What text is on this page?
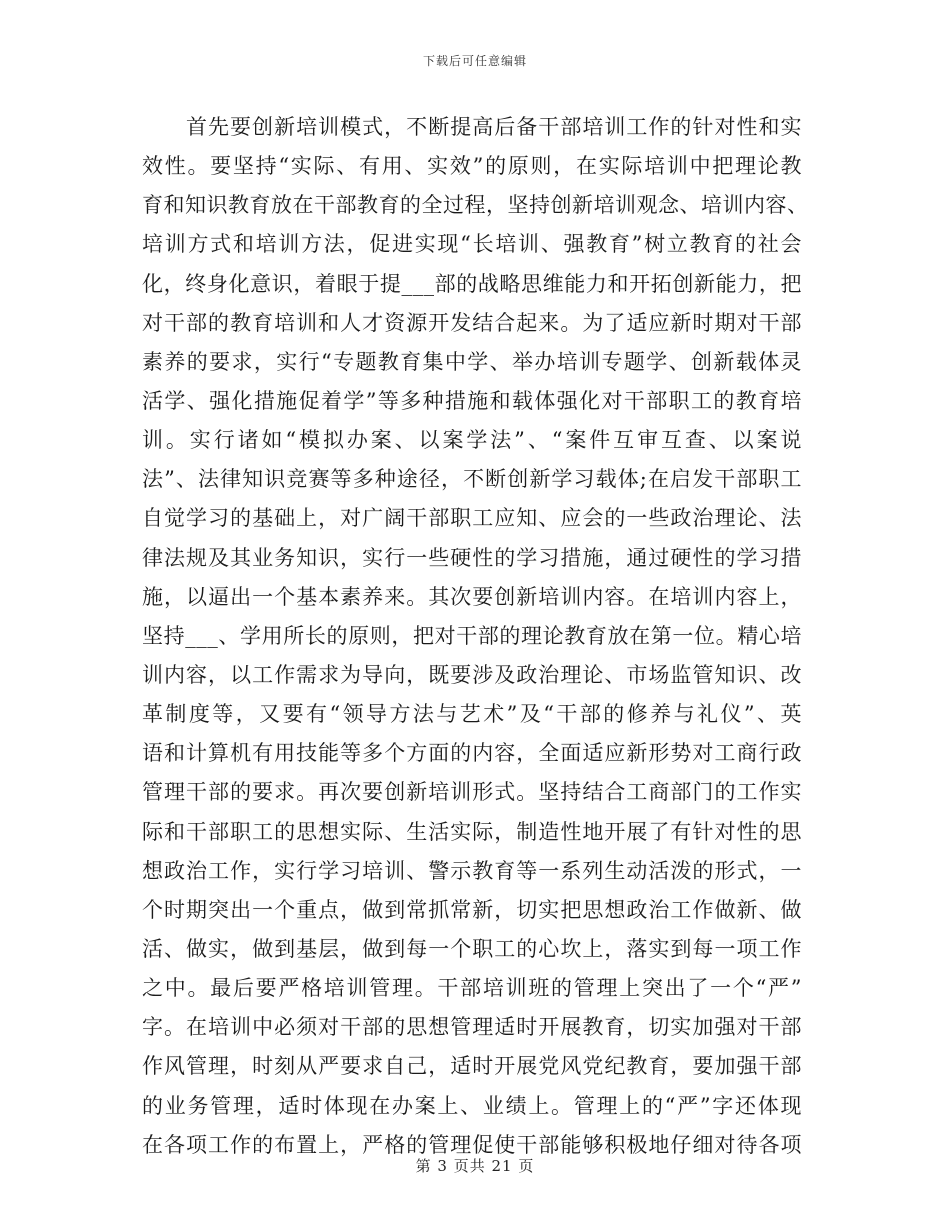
下载后可任意编辑
首先要创新培训模式，不断提高后备干部培训工作的针对性和实
效性。要坚持“实际、有用、实效”的原则，在实际培训中把理论教
育和知识教育放在干部教育的全过程，坚持创新培训观念、培训内容、
培训方式和培训方法，促进实现“长培训、强教育”树立教育的社会
化，终身化意识，着眼于提___部的战略思维能力和开拓创新能力，把
对干部的教育培训和人才资源开发结合起来。为了适应新时期对干部
素养的要求，实行“专题教育集中学、举办培训专题学、创新载体灵
活学、强化措施促着学”等多种措施和载体强化对干部职工的教育培
训。实行诸如“模拟办案、以案学法”、“案件互审互查、以案说
法”、法律知识竞赛等多种途径，不断创新学习载体;在启发干部职工
自觉学习的基础上，对广阔干部职工应知、应会的一些政治理论、法
律法规及其业务知识，实行一些硬性的学习措施，通过硬性的学习措
施，以逼出一个基本素养来。其次要创新培训内容。在培训内容上，
坚持___、学用所长的原则，把对干部的理论教育放在第一位。精心培
训内容，以工作需求为导向，既要涉及政治理论、市场监管知识、改
革制度等，又要有“领导方法与艺术”及“干部的修养与礼仪”、英
语和计算机有用技能等多个方面的内容，全面适应新形势对工商行政
管理干部的要求。再次要创新培训形式。坚持结合工商部门的工作实
际和干部职工的思想实际、生活实际，制造性地开展了有针对性的思
想政治工作，实行学习培训、警示教育等一系列生动活泼的形式，一
个时期突出一个重点，做到常抓常新，切实把思想政治工作做新、做
活、做实，做到基层，做到每一个职工的心坎上，落实到每一项工作
之中。最后要严格培训管理。干部培训班的管理上突出了一个“严”
字。在培训中必须对干部的思想管理适时开展教育，切实加强对干部
作风管理，时刻从严要求自己，适时开展党风党纪教育，要加强干部
的业务管理，适时体现在办案上、业绩上。管理上的“严”字还体现
在各项工作的布置上，严格的管理促使干部能够积极地仔细对待各项
第 3 页共 21 页
